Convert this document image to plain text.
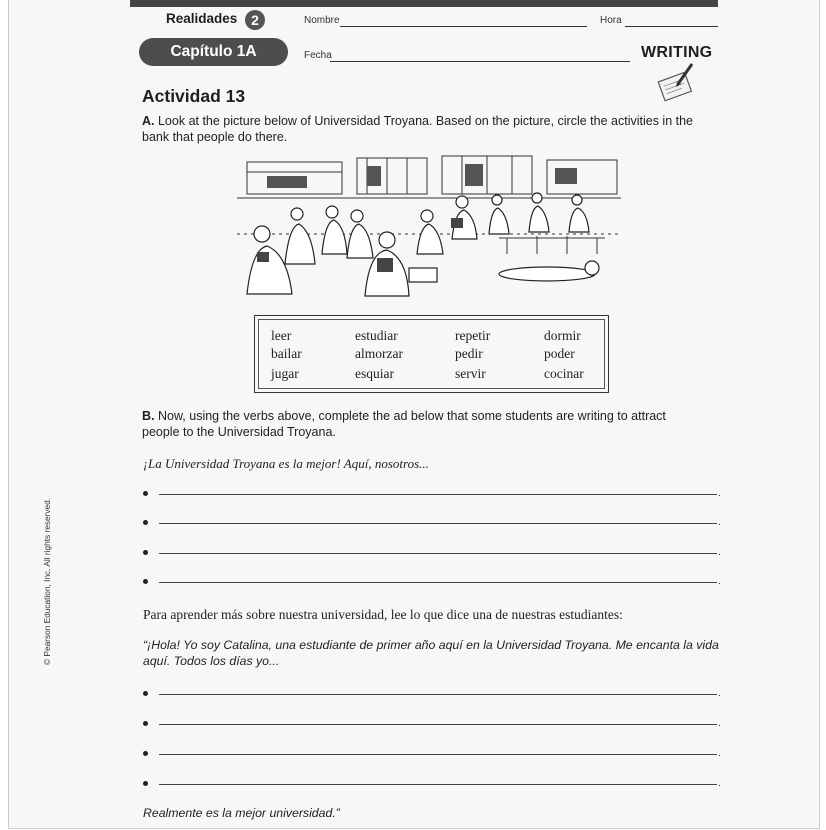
Realidades 2	Nombre	Hora
Capítulo 1A	Fecha	WRITING
Actividad 13
A. Look at the picture below of Universidad Troyana. Based on the picture, circle the activities in the bank that people do there.
leer	estudiar	repetir	dormir
bailar	almorzar	pedir	poder
jugar	esquiar	servir	cocinar
B. Now, using the verbs above, complete the ad below that some students are writing to attract people to the Universidad Troyana.
¡La Universidad Troyana es la mejor! Aquí, nosotros...
.
.
.
.
Para aprender más sobre nuestra universidad, lee lo que dice una de nuestras estudiantes:
“¡Hola! Yo soy Catalina, una estudiante de primer año aquí en la Universidad Troyana. Me encanta la vida aquí. Todos los días yo...
.
.
.
.
Realmente es la mejor universidad.”
© Pearson Education, Inc. All rights reserved.
